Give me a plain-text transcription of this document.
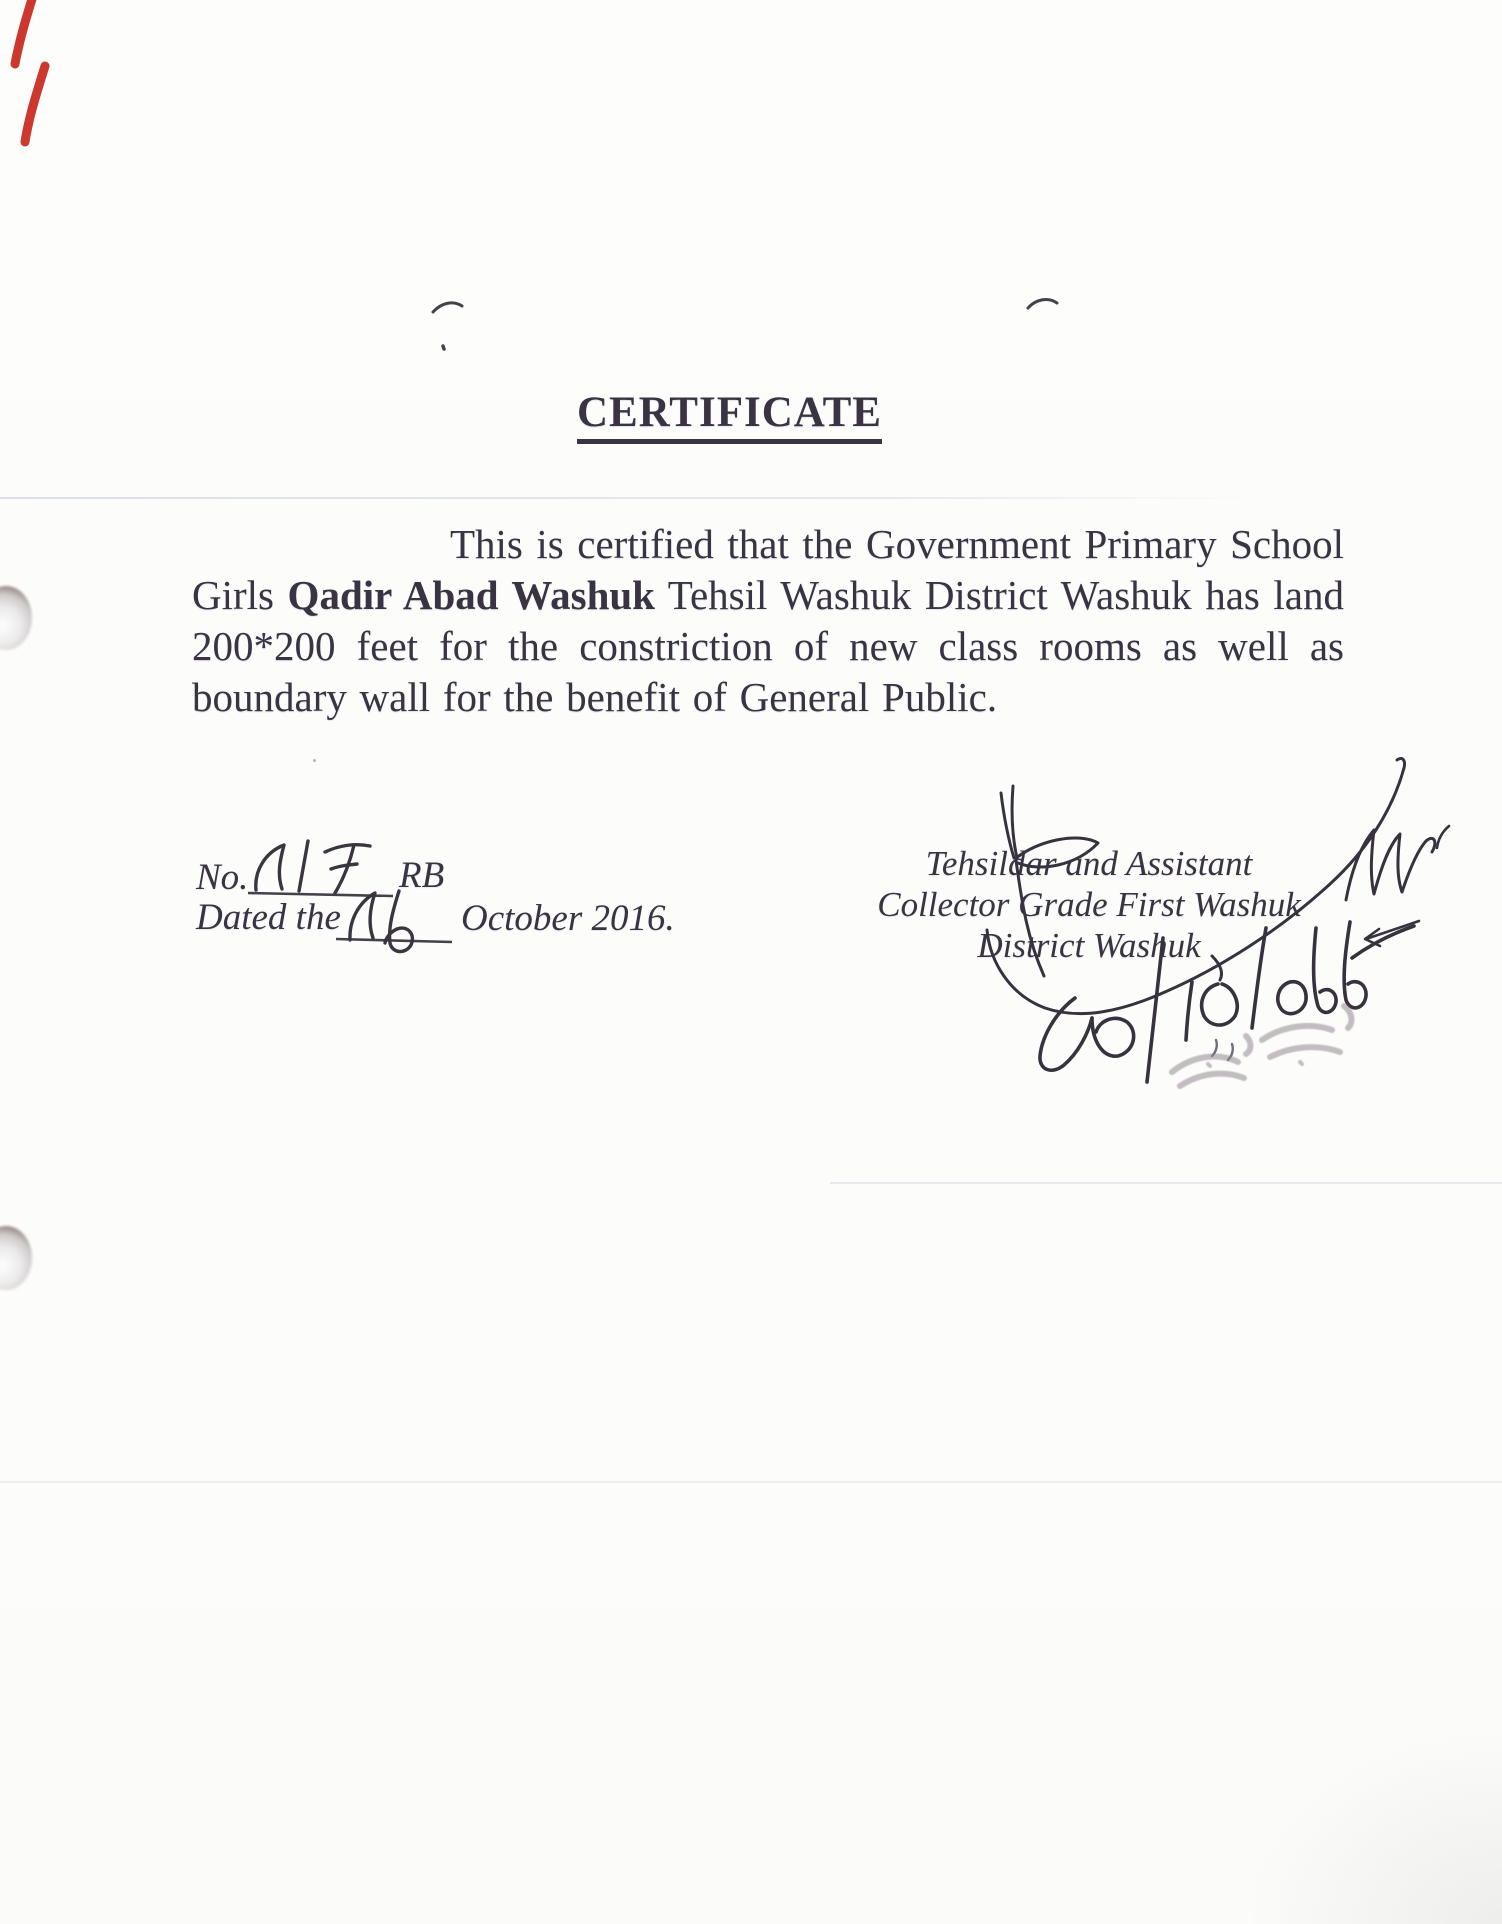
CERTIFICATE

This is certified that the Government Primary School Girls Qadir Abad Washuk Tehsil Washuk District Washuk has land 200*200 feet for the constriction of new class rooms as well as boundary wall for the benefit of General Public.

No.	RB
Dated the	October 2016.
Tehsildar and Assistant
Collector Grade First Washuk
District Washuk
